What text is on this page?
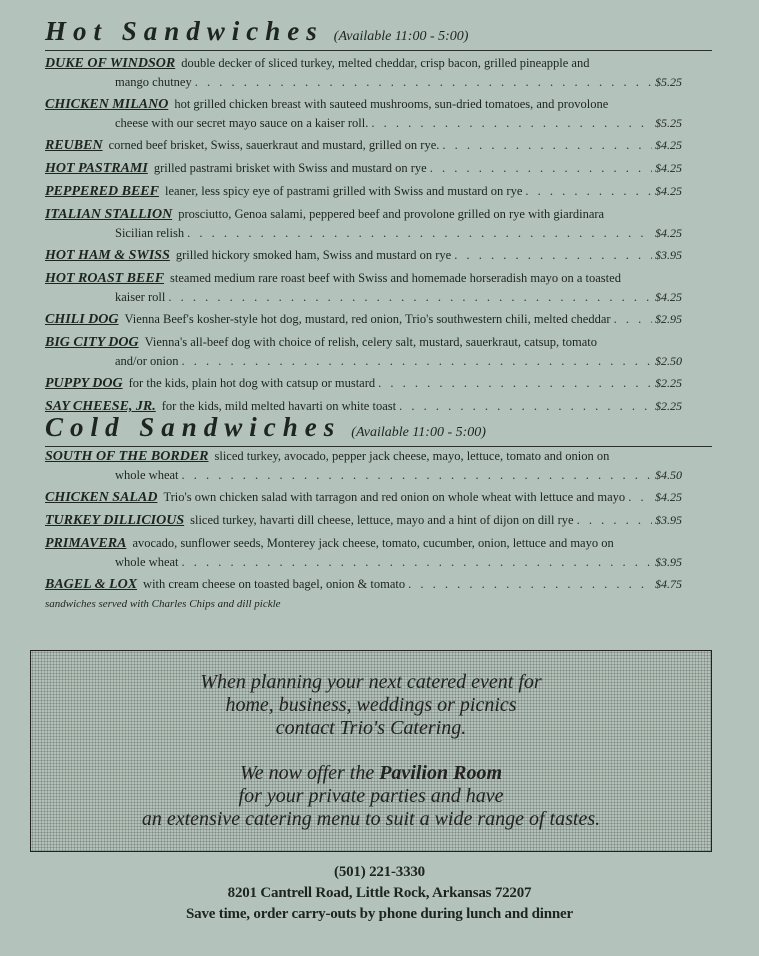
Hot Sandwiches (Available 11:00 - 5:00)
DUKE OF WINDSOR double decker of sliced turkey, melted cheddar, crisp bacon, grilled pineapple and
mango chutney . . .	$5.25
CHICKEN MILANO hot grilled chicken breast with sauteed mushrooms, sun-dried tomatoes, and provolone
cheese with our secret mayo sauce on a kaiser roll. . . .	$5.25
REUBEN corned beef brisket, Swiss, sauerkraut and mustard, grilled on rye. . . .	$4.25
HOT PASTRAMI grilled pastrami brisket with Swiss and mustard on rye . . .	$4.25
PEPPERED BEEF leaner, less spicy eye of pastrami grilled with Swiss and mustard on rye . . .	$4.25
ITALIAN STALLION prosciutto, Genoa salami, peppered beef and provolone grilled on rye with giardinara
Sicilian relish . . .	$4.25
HOT HAM & SWISS grilled hickory smoked ham, Swiss and mustard on rye . . .	$3.95
HOT ROAST BEEF steamed medium rare roast beef with Swiss and homemade horseradish mayo on a toasted
kaiser roll . . .	$4.25
CHILI DOG Vienna Beef's kosher-style hot dog, mustard, red onion, Trio's southwestern chili, melted cheddar . . .	$2.95
BIG CITY DOG Vienna's all-beef dog with choice of relish, celery salt, mustard, sauerkraut, catsup, tomato
and/or onion . . .	$2.50
PUPPY DOG for the kids, plain hot dog with catsup or mustard . . .	$2.25
SAY CHEESE, JR. for the kids, mild melted havarti on white toast . . .	$2.25
Cold Sandwiches (Available 11:00 - 5:00)
SOUTH OF THE BORDER sliced turkey, avocado, pepper jack cheese, mayo, lettuce, tomato and onion on
whole wheat . . .	$4.50
CHICKEN SALAD Trio's own chicken salad with tarragon and red onion on whole wheat with lettuce and mayo . . . $4.25
TURKEY DILLICIOUS sliced turkey, havarti dill cheese, lettuce, mayo and a hint of dijon on dill rye . . .	$3.95
PRIMAVERA avocado, sunflower seeds, Monterey jack cheese, tomato, cucumber, onion, lettuce and mayo on
whole wheat . . .	$3.95
BAGEL & LOX with cream cheese on toasted bagel, onion & tomato . . .	$4.75
sandwiches served with Charles Chips and dill pickle
When planning your next catered event for
home, business, weddings or picnics
contact Trio's Catering.
We now offer the Pavilion Room
for your private parties and have
an extensive catering menu to suit a wide range of tastes.
(501) 221-3330
8201 Cantrell Road, Little Rock, Arkansas 72207
Save time, order carry-outs by phone during lunch and dinner
